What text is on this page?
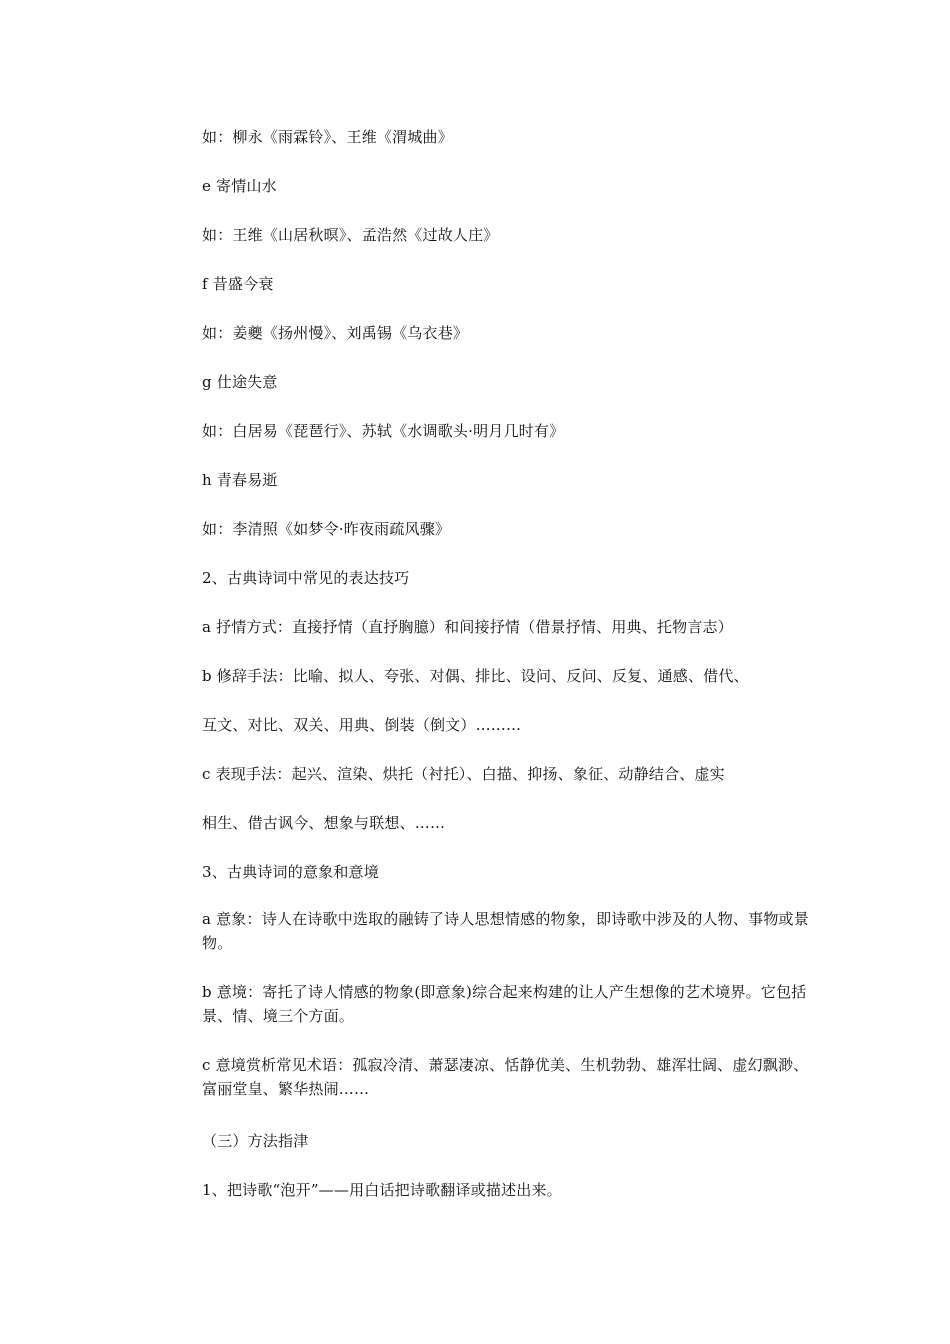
如：柳永《雨霖铃》、王维《渭城曲》
e 寄情山水
如：王维《山居秋暝》、孟浩然《过故人庄》
f 昔盛今衰
如：姜夔《扬州慢》、刘禹锡《乌衣巷》
g 仕途失意
如：白居易《琵琶行》、苏轼《水调歌头·明月几时有》
h 青春易逝
如：李清照《如梦令·昨夜雨疏风骤》
2、古典诗词中常见的表达技巧
a 抒情方式：直接抒情（直抒胸臆）和间接抒情（借景抒情、用典、托物言志）
b 修辞手法：比喻、拟人、夸张、对偶、排比、设问、反问、反复、通感、借代、
互文、对比、双关、用典、倒装（倒文）………
c 表现手法：起兴、渲染、烘托（衬托）、白描、抑扬、象征、动静结合、虚实
相生、借古讽今、想象与联想、……
3、古典诗词的意象和意境
a 意象：诗人在诗歌中选取的融铸了诗人思想情感的物象，即诗歌中涉及的人物、事物或景物。
b 意境：寄托了诗人情感的物象(即意象)综合起来构建的让人产生想像的艺术境界。它包括景、情、境三个方面。
c 意境赏析常见术语：孤寂冷清、萧瑟凄凉、恬静优美、生机勃勃、雄浑壮阔、虚幻飘渺、富丽堂皇、繁华热闹……
（三）方法指津
1、把诗歌“泡开”——用白话把诗歌翻译或描述出来。
